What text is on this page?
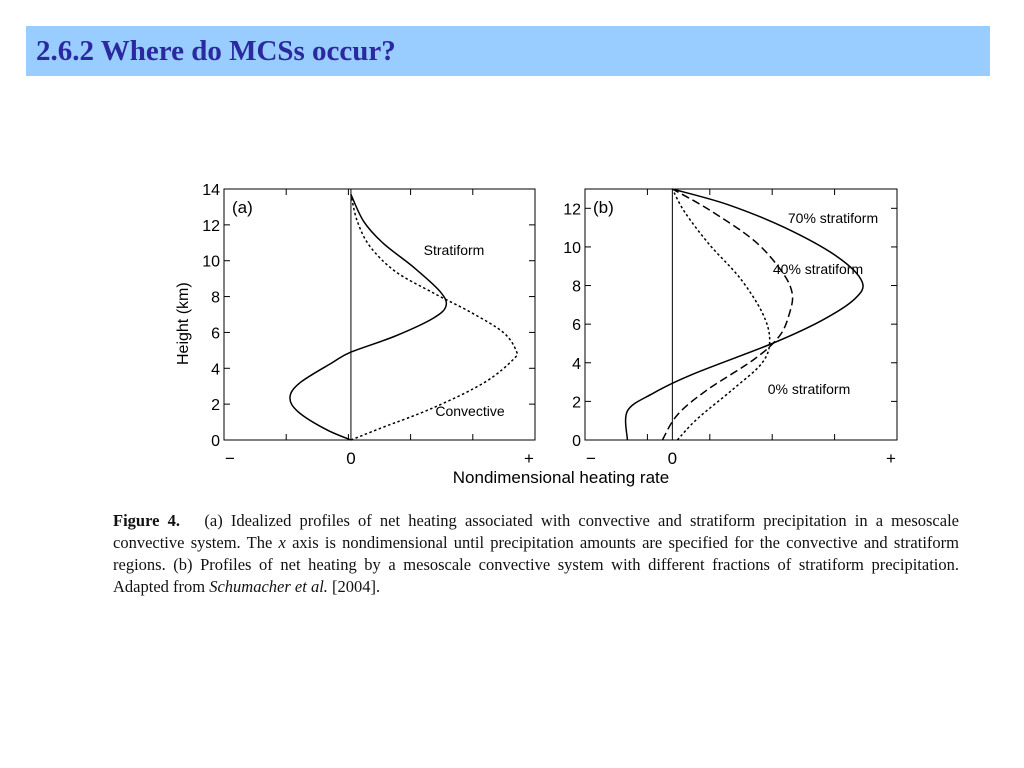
2.6.2 Where do MCSs occur?
Height (km)
Nondimensional heating rate
0
2
4
6
8
10
12
14
−	0	+
(a)
Stratiform
Convective
0
2
4
6
8
10
12
−	0	+
(b)
70% stratiform
40% stratiform
0% stratiform

Figure 4. (a) Idealized profiles of net heating associated with convective and stratiform precipitation in a mesoscale convective system. The x axis is nondimensional until precipitation amounts are specified for the convective and stratiform regions. (b) Profiles of net heating by a mesoscale convective system with different fractions of stratiform precipitation. Adapted from Schumacher et al. [2004].
